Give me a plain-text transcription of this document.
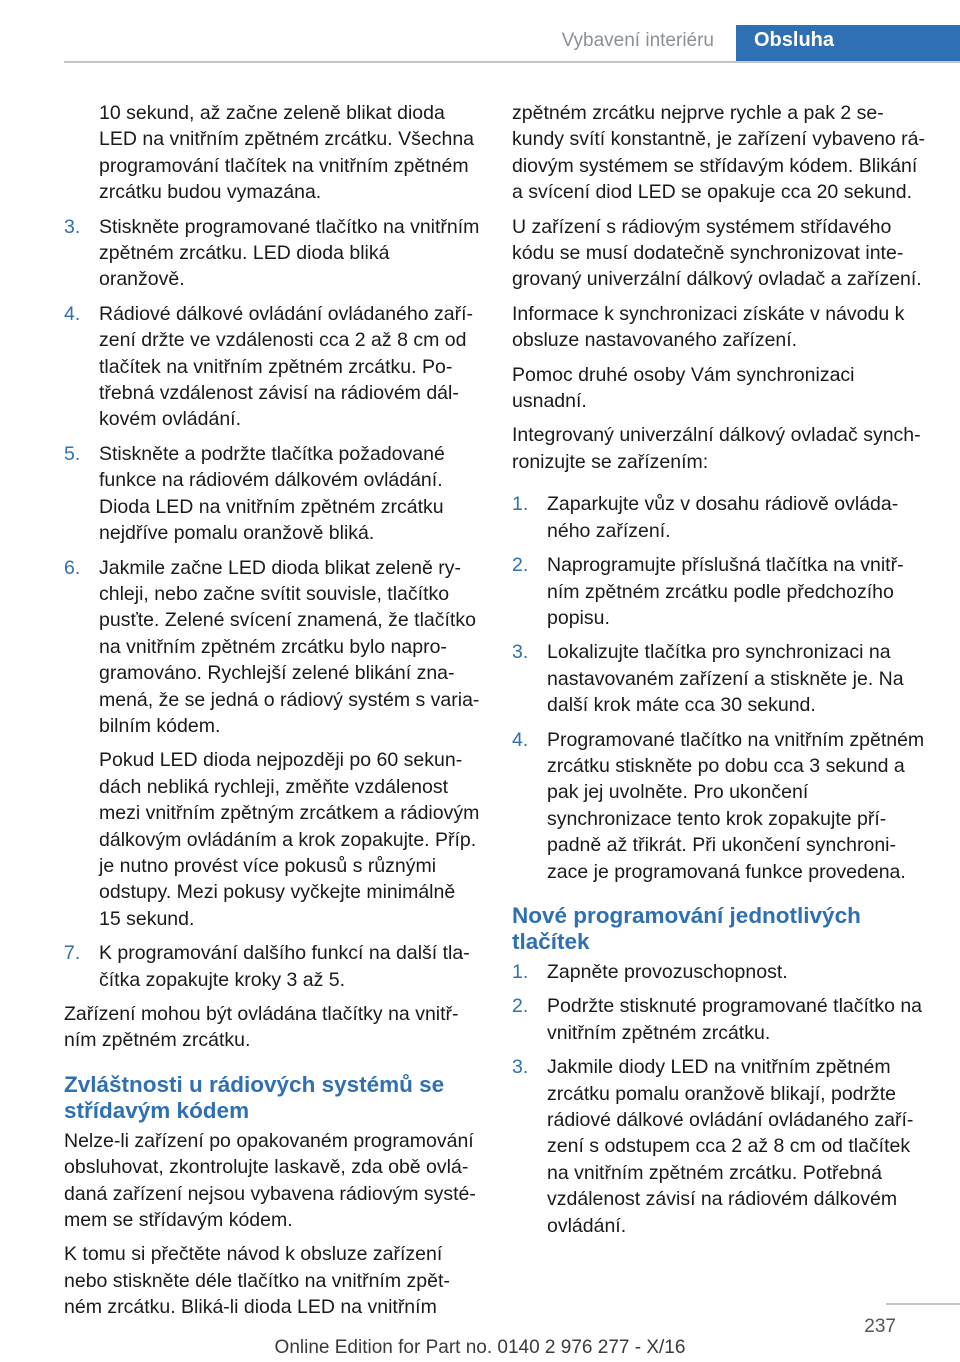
Vybavení interiéru	Obsluha

10 sekund, až začne zeleně blikat dioda LED na vnitřním zpětném zrcátku. Všechna programování tlačítek na vnitřním zpětném zrcátku budou vymazána.

3. Stiskněte programované tlačítko na vnitřním zpětném zrcátku. LED dioda bliká oranžově.
4. Rádiové dálkové ovládání ovládaného zařízení držte ve vzdálenosti cca 2 až 8 cm od tlačítek na vnitřním zpětném zrcátku. Potřebná vzdálenost závisí na rádiovém dálkovém ovládání.
5. Stiskněte a podržte tlačítka požadované funkce na rádiovém dálkovém ovládání. Dioda LED na vnitřním zpětném zrcátku nejdříve pomalu oranžově bliká.
6. Jakmile začne LED dioda blikat zeleně rychleji, nebo začne svítit souvisle, tlačítko pusťte. Zelené svícení znamená, že tlačítko na vnitřním zpětném zrcátku bylo naprogramováno. Rychlejší zelené blikání znamená, že se jedná o rádiový systém s variabilním kódem.
Pokud LED dioda nejpozději po 60 sekundách nebliká rychleji, změňte vzdálenost mezi vnitřním zpětným zrcátkem a rádiovým dálkovým ovládáním a krok zopakujte. Příp. je nutno provést více pokusů s různými odstupy. Mezi pokusy vyčkejte minimálně 15 sekund.
7. K programování dalšího funkcí na další tlačítka zopakujte kroky 3 až 5.

Zařízení mohou být ovládána tlačítky na vnitřním zpětném zrcátku.

Zvláštnosti u rádiových systémů se střídavým kódem

Nelze-li zařízení po opakovaném programování obsluhovat, zkontrolujte laskavě, zda obě ovládaná zařízení nejsou vybavena rádiovým systémem se střídavým kódem.

K tomu si přečtěte návod k obsluze zařízení nebo stiskněte déle tlačítko na vnitřním zpětném zrcátku. Bliká-li dioda LED na vnitřním

zpětném zrcátku nejprve rychle a pak 2 sekundy svítí konstantně, je zařízení vybaveno rádiovým systémem se střídavým kódem. Blikání a svícení diod LED se opakuje cca 20 sekund.

U zařízení s rádiovým systémem střídavého kódu se musí dodatečně synchronizovat integrovaný univerzální dálkový ovladač a zařízení.

Informace k synchronizaci získáte v návodu k obsluze nastavovaného zařízení.

Pomoc druhé osoby Vám synchronizaci usnadní.

Integrovaný univerzální dálkový ovladač synchronizujte se zařízením:

1. Zaparkujte vůz v dosahu rádiově ovládaného zařízení.
2. Naprogramujte příslušná tlačítka na vnitřním zpětném zrcátku podle předchozího popisu.
3. Lokalizujte tlačítka pro synchronizaci na nastavovaném zařízení a stiskněte je. Na další krok máte cca 30 sekund.
4. Programované tlačítko na vnitřním zpětném zrcátku stiskněte po dobu cca 3 sekund a pak jej uvolněte. Pro ukončení synchronizace tento krok zopakujte případně až třikrát. Při ukončení synchronizace je programovaná funkce provedena.
Nové programování jednotlivých tlačítek
1. Zapněte provozuschopnost.
2. Podržte stisknuté programované tlačítko na vnitřním zpětném zrcátku.
3. Jakmile diody LED na vnitřním zpětném zrcátku pomalu oranžově blikají, podržte rádiové dálkové ovládání ovládaného zařízení s odstupem cca 2 až 8 cm od tlačítek na vnitřním zpětném zrcátku. Potřebná vzdálenost závisí na rádiovém dálkovém ovládání.
237
Online Edition for Part no. 0140 2 976 277 - X/16
